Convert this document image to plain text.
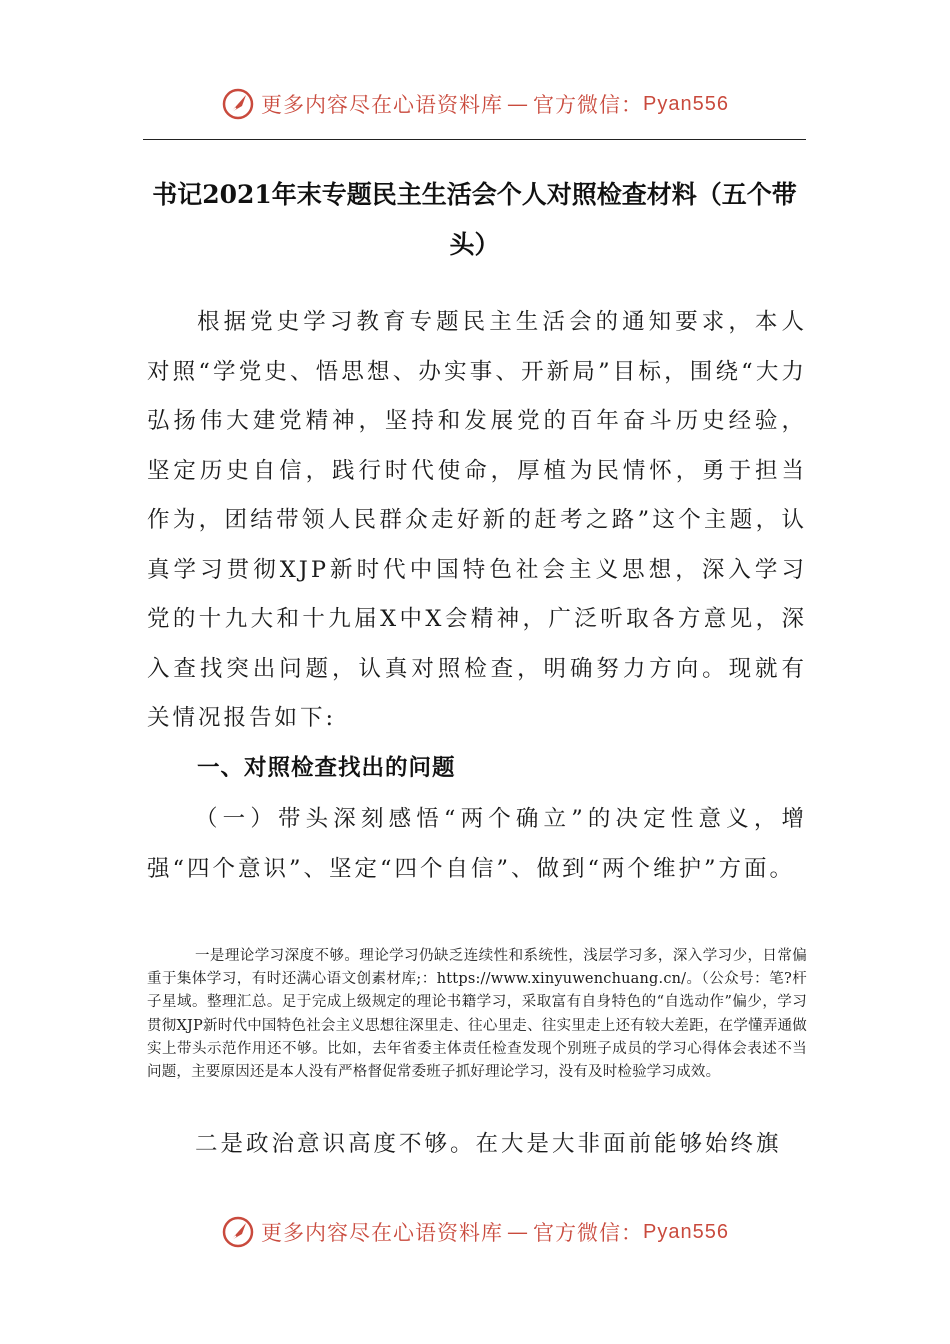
更多内容尽在心语资料库 — 官方微信： Pyan556
书记2021年末专题民主生活会个人对照检查材料（五个带头）

根据党史学习教育专题民主生活会的通知要求，本人对照“学党史、悟思想、办实事、开新局”目标，围绕“大力弘扬伟大建党精神，坚持和发展党的百年奋斗历史经验，坚定历史自信，践行时代使命，厚植为民情怀，勇于担当作为，团结带领人民群众走好新的赶考之路”这个主题，认真学习贯彻XJP新时代中国特色社会主义思想，深入学习党的十九大和十九届X中X会精神，广泛听取各方意见，深入查找突出问题，认真对照检查，明确努力方向。现就有关情况报告如下:

一、对照检查找出的问题

（一）带头深刻感悟“两个确立”的决定性意义，增强“四个意识”、坚定“四个自信”、做到“两个维护”方面。

一是理论学习深度不够。理论学习仍缺乏连续性和系统性，浅层学习多，深入学习少，日常偏重于集体学习，有时还满心语文创素材库;：https://www.xinyuwenchuang.cn/。（公众号：笔?杆子星域。整理汇总。足于完成上级规定的理论书籍学习，采取富有自身特色的“自选动作”偏少，学习贯彻XJP新时代中国特色社会主义思想往深里走、往心里走、往实里走上还有较大差距，在学懂弄通做实上带头示范作用还不够。比如，去年省委主体责任检查发现个别班子成员的学习心得体会表述不当问题，主要原因还是本人没有严格督促常委班子抓好理论学习，没有及时检验学习成效。

二是政治意识高度不够。在大是大非面前能够始终旗

更多内容尽在心语资料库 — 官方微信： Pyan556
